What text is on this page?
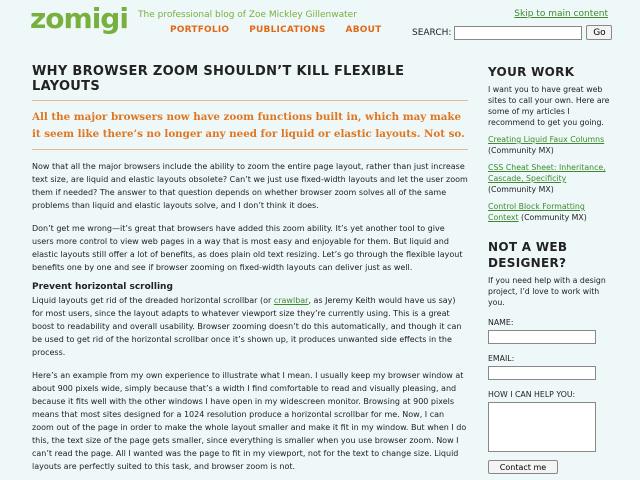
zomigi The professional blog of Zoe Mickley Gillenwater	Skip to main content
PORTFOLIO PUBLICATIONS ABOUT	SEARCH:	Go
WHY BROWSER ZOOM SHOULDN’T KILL FLEXIBLE LAYOUTS
All the major browsers now have zoom functions built in, which may make it seem like there’s no longer any need for liquid or elastic layouts. Not so.

Now that all the major browsers include the ability to zoom the entire page layout, rather than just increase text size, are liquid and elastic layouts obsolete? Can’t we just use fixed-width layouts and let the user zoom them if needed? The answer to that question depends on whether browser zoom solves all of the same problems than liquid and elastic layouts solve, and I don’t think it does.

Don’t get me wrong—it’s great that browsers have added this zoom ability. It’s yet another tool to give users more control to view web pages in a way that is most easy and enjoyable for them. But liquid and elastic layouts still offer a lot of benefits, as does plain old text resizing. Let’s go through the flexible layout benefits one by one and see if browser zooming on fixed-width layouts can deliver just as well.

Prevent horizontal scrolling

Liquid layouts get rid of the dreaded horizontal scrollbar (or crawlbar, as Jeremy Keith would have us say) for most users, since the layout adapts to whatever viewport size they’re currently using. This is a great boost to readability and overall usability. Browser zooming doesn’t do this automatically, and though it can be used to get rid of the horizontal scrollbar once it’s shown up, it produces unwanted side effects in the process.

Here’s an example from my own experience to illustrate what I mean. I usually keep my browser window at about 900 pixels wide, simply because that’s a width I find comfortable to read and visually pleasing, and because it fits well with the other windows I have open in my widescreen monitor. Browsing at 900 pixels means that most sites designed for a 1024 resolution produce a horizontal scrollbar for me. Now, I can zoom out of the page in order to make the whole layout smaller and make it fit in my window. But when I do this, the text size of the page gets smaller, since everything is smaller when you use browser zoom. Now I can’t read the page. All I wanted was the page to fit in my viewport, not for the text to change size. Liquid layouts are perfectly suited to this task, and browser zoom is not.

YOUR WORK

I want you to have great web sites to call your own. Here are some of my articles I recommend to get you going.

Creating Liquid Faux Columns
(Community MX)
CSS Cheat Sheet: Inheritance, Cascade, Specificity
(Community MX)
Control Block Formatting Context (Community MX)
NOT A WEB DESIGNER?

If you need help with a design project, I’d love to work with you.

NAME:
EMAIL:
HOW I CAN HELP YOU:
Contact me
